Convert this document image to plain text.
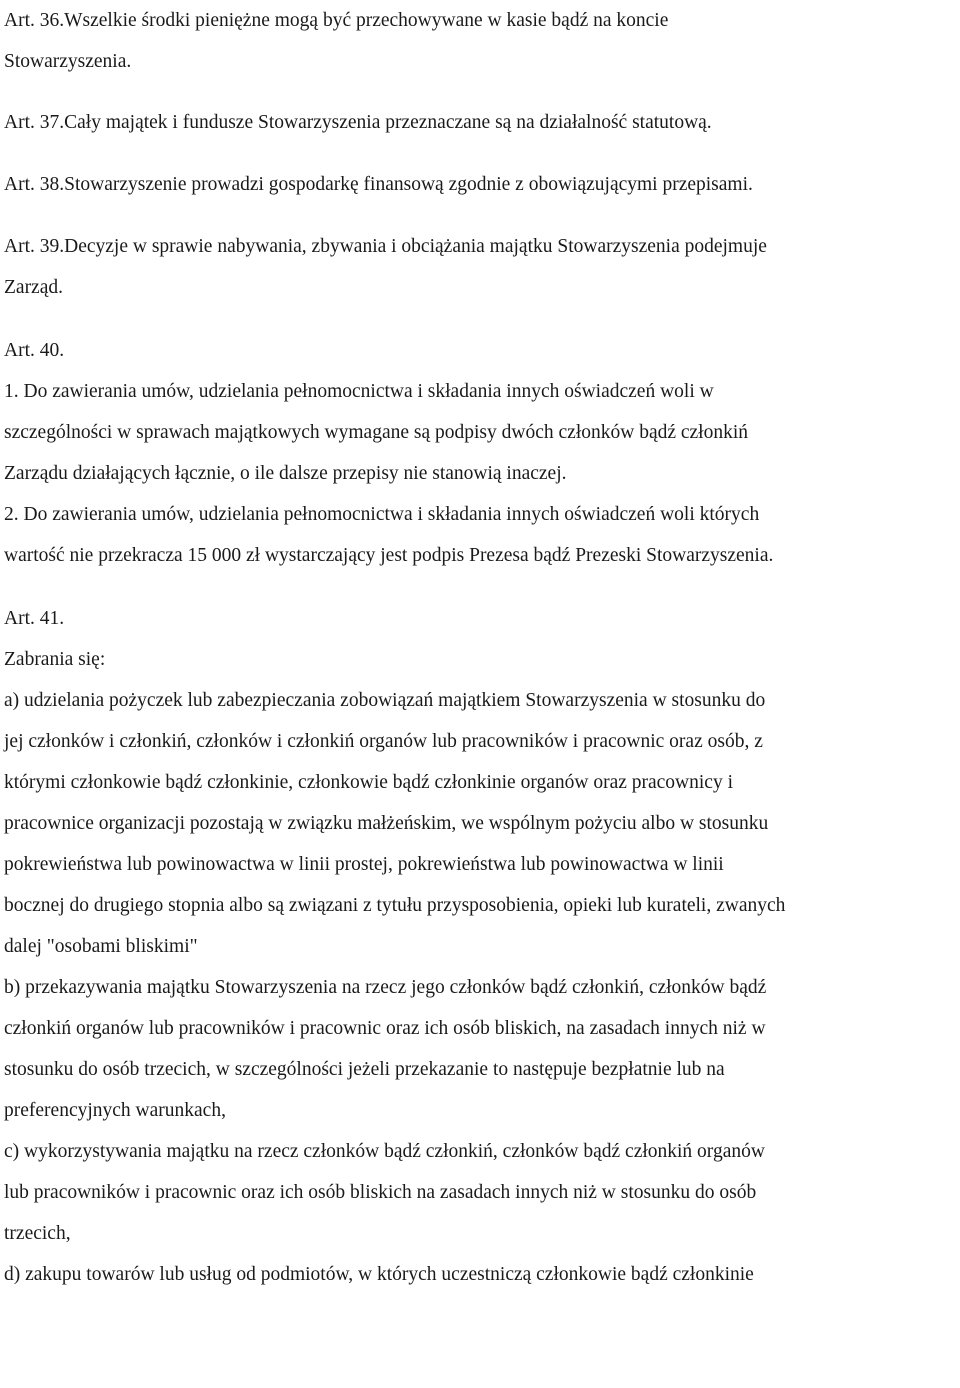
Art. 36.Wszelkie środki pieniężne mogą być przechowywane w kasie bądź na koncie
Stowarzyszenia.
Art. 37.Cały majątek i fundusze Stowarzyszenia przeznaczane są na działalność statutową.
Art. 38.Stowarzyszenie prowadzi gospodarkę finansową zgodnie z obowiązującymi przepisami.
Art. 39.Decyzje w sprawie nabywania, zbywania i obciążania majątku Stowarzyszenia podejmuje
Zarząd.
Art. 40.
1. Do zawierania umów, udzielania pełnomocnictwa i składania innych oświadczeń woli w
szczególności w sprawach majątkowych wymagane są podpisy dwóch członków bądź członkiń
Zarządu działających łącznie, o ile dalsze przepisy nie stanowią inaczej.
2. Do zawierania umów, udzielania pełnomocnictwa i składania innych oświadczeń woli których
wartość nie przekracza 15 000 zł wystarczający jest podpis Prezesa bądź Prezeski Stowarzyszenia.
Art. 41.
Zabrania się:
a) udzielania pożyczek lub zabezpieczania zobowiązań majątkiem Stowarzyszenia w stosunku do
jej członków i członkiń, członków i członkiń organów lub pracowników i pracownic oraz osób, z
którymi członkowie bądź członkinie, członkowie bądź członkinie organów oraz pracownicy i
pracownice organizacji pozostają w związku małżeńskim, we wspólnym pożyciu albo w stosunku
pokrewieństwa lub powinowactwa w linii prostej, pokrewieństwa lub powinowactwa w linii
bocznej do drugiego stopnia albo są związani z tytułu przysposobienia, opieki lub kurateli, zwanych
dalej "osobami bliskimi"
b) przekazywania majątku Stowarzyszenia na rzecz jego członków bądź członkiń, członków bądź
członkiń organów lub pracowników i pracownic oraz ich osób bliskich, na zasadach innych niż w
stosunku do osób trzecich, w szczególności jeżeli przekazanie to następuje bezpłatnie lub na
preferencyjnych warunkach,
c) wykorzystywania majątku na rzecz członków bądź członkiń, członków bądź członkiń organów
lub pracowników i pracownic oraz ich osób bliskich na zasadach innych niż w stosunku do osób
trzecich,
d) zakupu towarów lub usług od podmiotów, w których uczestniczą członkowie bądź członkinie
